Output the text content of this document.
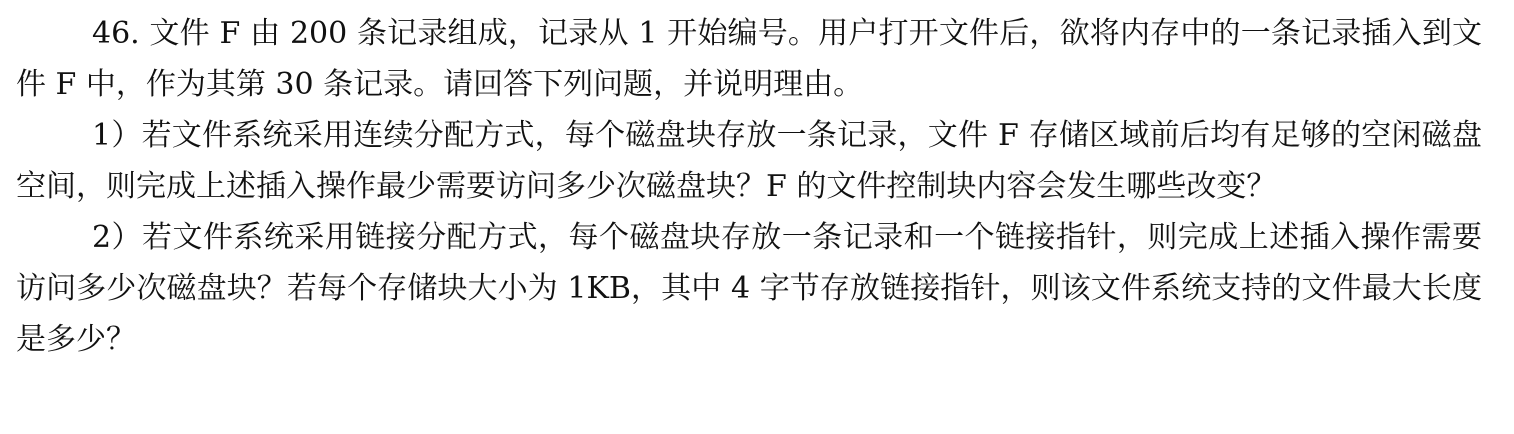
46. 文件 F 由 200 条记录组成，记录从 1 开始编号。用户打开文件后，欲将内存中的一条记录插入到文件 F 中，作为其第 30 条记录。请回答下列问题，并说明理由。

1）若文件系统采用连续分配方式，每个磁盘块存放一条记录，文件 F 存储区域前后均有足够的空闲磁盘空间，则完成上述插入操作最少需要访问多少次磁盘块？F 的文件控制块内容会发生哪些改变？

2）若文件系统采用链接分配方式，每个磁盘块存放一条记录和一个链接指针，则完成上述插入操作需要访问多少次磁盘块？若每个存储块大小为 1KB，其中 4 字节存放链接指针，则该文件系统支持的文件最大长度是多少？
